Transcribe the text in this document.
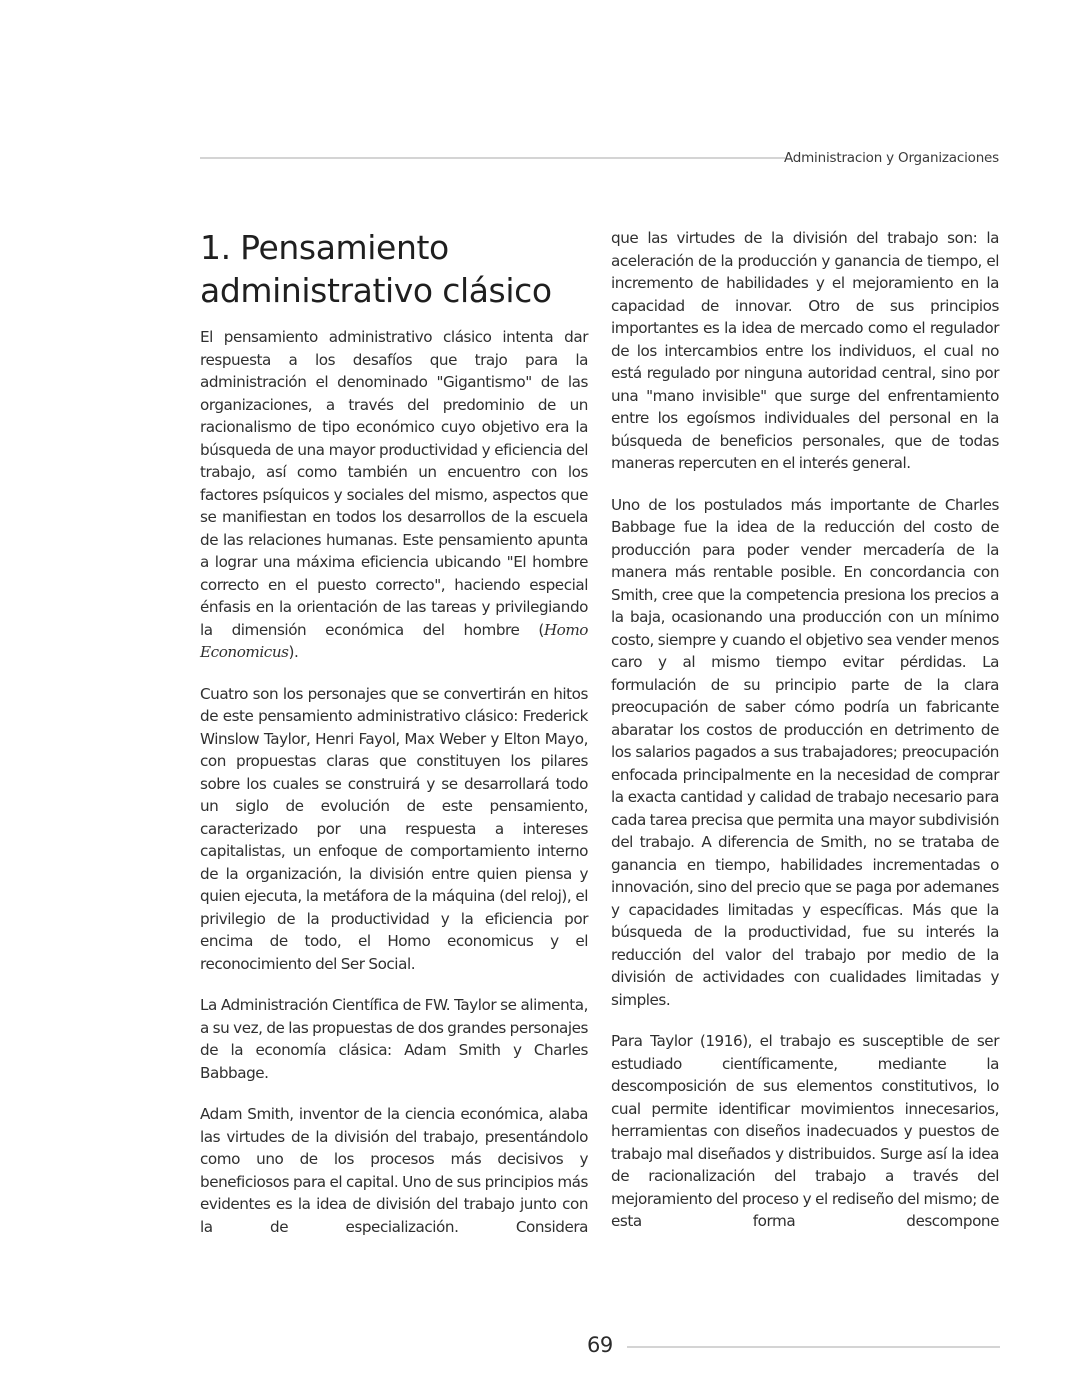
Administracion y Organizaciones
1. Pensamiento
administrativo clásico

El pensamiento administrativo clásico intenta dar respuesta a los desafíos que trajo para la administración el denominado "Gigantismo" de las organizaciones, a través del predominio de un racionalismo de tipo económico cuyo objetivo era la búsqueda de una mayor productividad y eficiencia del trabajo, así como también un encuentro con los factores psíquicos y sociales del mismo, aspectos que se manifiestan en todos los desarrollos de la escuela de las relaciones humanas. Este pensamiento apunta a lograr una máxima eficiencia ubicando "El hombre correcto en el puesto correcto", haciendo especial énfasis en la orientación de las tareas y privilegiando la dimensión económica del hombre (Homo Economicus).

Cuatro son los personajes que se convertirán en hitos de este pensamiento administrativo clásico: Frederick Winslow Taylor, Henri Fayol, Max Weber y Elton Mayo, con propuestas claras que constituyen los pilares sobre los cuales se construirá y se desarrollará todo un siglo de evolución de este pensamiento, caracterizado por una respuesta a intereses capitalistas, un enfoque de comportamiento interno de la organización, la división entre quien piensa y quien ejecuta, la metáfora de la máquina (del reloj), el privilegio de la productividad y la eficiencia por encima de todo, el Homo economicus y el reconocimiento del Ser Social.

La Administración Científica de FW. Taylor se alimenta, a su vez, de las propuestas de dos grandes personajes de la economía clásica: Adam Smith y Charles Babbage.

Adam Smith, inventor de la ciencia económica, alaba las virtudes de la división del trabajo, presentándolo como uno de los procesos más decisivos y beneficiosos para el capital. Uno de sus principios más evidentes es la idea de división del trabajo junto con la de especialización. Considera

que las virtudes de la división del trabajo son: la aceleración de la producción y ganancia de tiempo, el incremento de habilidades y el mejoramiento en la capacidad de innovar. Otro de sus principios importantes es la idea de mercado como el regulador de los intercambios entre los individuos, el cual no está regulado por ninguna autoridad central, sino por una "mano invisible" que surge del enfrentamiento entre los egoísmos individuales del personal en la búsqueda de beneficios personales, que de todas maneras repercuten en el interés general.

Uno de los postulados más importante de Charles Babbage fue la idea de la reducción del costo de producción para poder vender mercadería de la manera más rentable posible. En concordancia con Smith, cree que la competencia presiona los precios a la baja, ocasionando una producción con un mínimo costo, siempre y cuando el objetivo sea vender menos caro y al mismo tiempo evitar pérdidas. La formulación de su principio parte de la clara preocupación de saber cómo podría un fabricante abaratar los costos de producción en detrimento de los salarios pagados a sus trabajadores; preocupación enfocada principalmente en la necesidad de comprar la exacta cantidad y calidad de trabajo necesario para cada tarea precisa que permita una mayor subdivisión del trabajo. A diferencia de Smith, no se trataba de ganancia en tiempo, habilidades incrementadas o innovación, sino del precio que se paga por ademanes y capacidades limitadas y específicas. Más que la búsqueda de la productividad, fue su interés la reducción del valor del trabajo por medio de la división de actividades con cualidades limitadas y simples.

Para Taylor (1916), el trabajo es susceptible de ser estudiado científicamente, mediante la descomposición de sus elementos constitutivos, lo cual permite identificar movimientos innecesarios, herramientas con diseños inadecuados y puestos de trabajo mal diseñados y distribuidos. Surge así la idea de racionalización del trabajo a través del mejoramiento del proceso y el rediseño del mismo; de esta forma descompone

69
